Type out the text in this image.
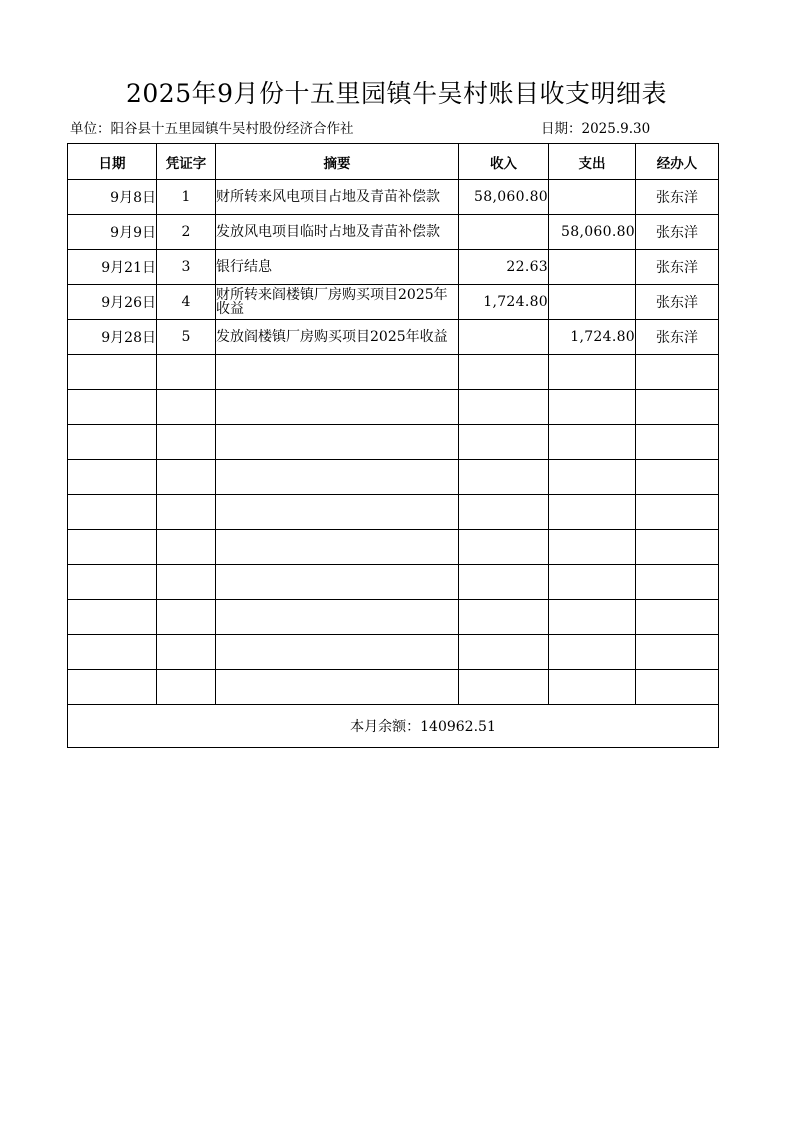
2025年9月份十五里园镇牛吴村账目收支明细表
单位：阳谷县十五里园镇牛吴村股份经济合作社	日期：2025.9.30
日期	凭证字	摘要	收入	支出	经办人
9月8日	1	财所转来风电项目占地及青苗补偿款	58,060.80		张东洋
9月9日	2	发放风电项目临时占地及青苗补偿款		58,060.80	张东洋
9月21日	3	银行结息	22.63		张东洋
9月26日	4	财所转来阎楼镇厂房购买项目2025年收益	1,724.80		张东洋
9月28日	5	发放阎楼镇厂房购买项目2025年收益		1,724.80	张东洋

本月余额：140962.51					
